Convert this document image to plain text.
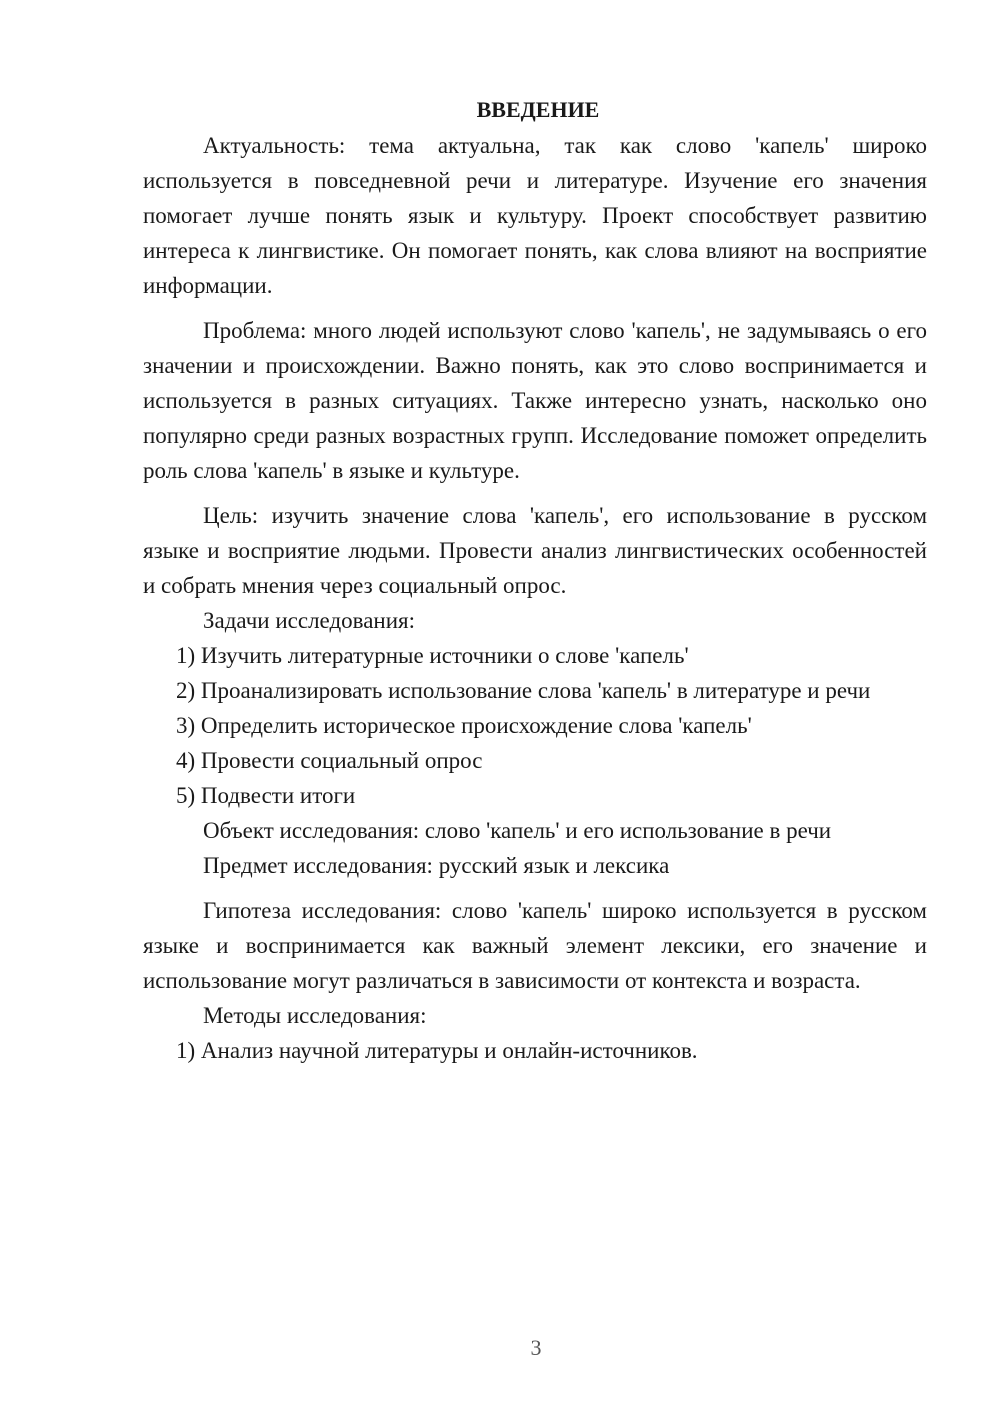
ВВЕДЕНИЕ

Актуальность: тема актуальна, так как слово 'капель' широко используется в повседневной речи и литературе. Изучение его значения помогает лучше понять язык и культуру. Проект способствует развитию интереса к лингвистике. Он помогает понять, как слова влияют на восприятие информации.

Проблема: много людей используют слово 'капель', не задумываясь о его значении и происхождении. Важно понять, как это слово воспринимается и используется в разных ситуациях. Также интересно узнать, насколько оно популярно среди разных возрастных групп. Исследование поможет определить роль слова 'капель' в языке и культуре.

Цель: изучить значение слова 'капель', его использование в русском языке и восприятие людьми. Провести анализ лингвистических особенностей и собрать мнения через социальный опрос.

Задачи исследования:

1) Изучить литературные источники о слове 'капель'

2) Проанализировать использование слова 'капель' в литературе и речи

3) Определить историческое происхождение слова 'капель'

4) Провести социальный опрос

5) Подвести итоги

Объект исследования: слово 'капель' и его использование в речи

Предмет исследования: русский язык и лексика

Гипотеза исследования: слово 'капель' широко используется в русском языке и воспринимается как важный элемент лексики, его значение и использование могут различаться в зависимости от контекста и возраста.

Методы исследования:

1) Анализ научной литературы и онлайн-источников.

3
